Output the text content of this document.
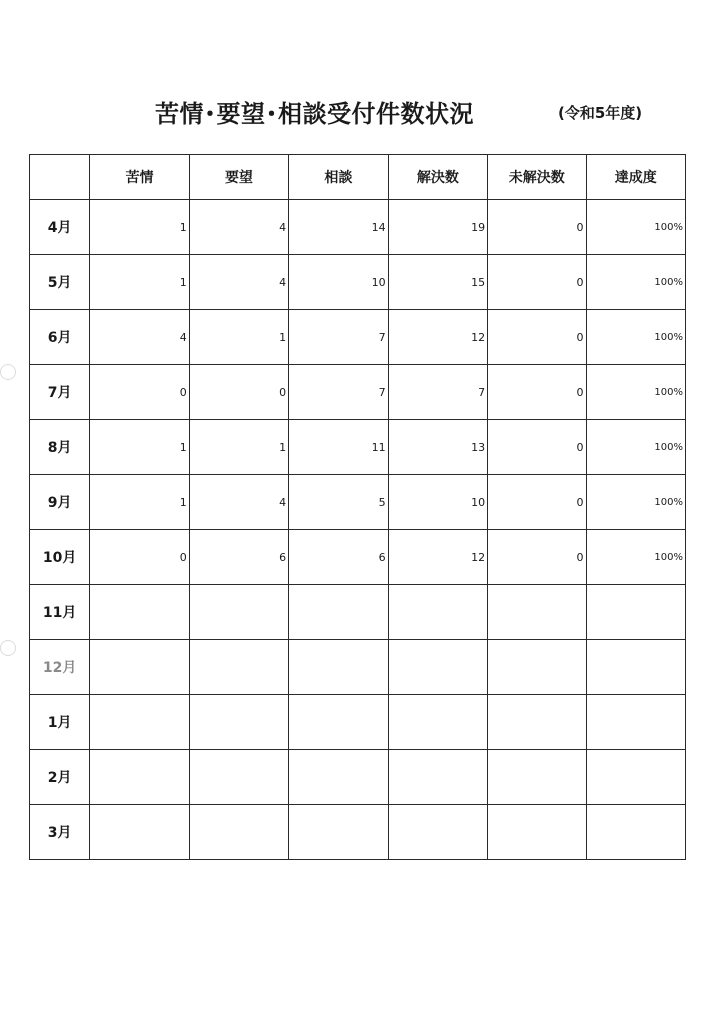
苦情･要望･相談受付件数状況	(令和5年度)
	苦情	要望	相談	解決数	未解決数	達成度
4月	1	4	14	19	0	100%
5月	1	4	10	15	0	100%
6月	4	1	7	12	0	100%
7月	0	0	7	7	0	100%
8月	1	1	11	13	0	100%
9月	1	4	5	10	0	100%
10月	0	6	6	12	0	100%
11月						
12月						
1月						
2月						
3月						
